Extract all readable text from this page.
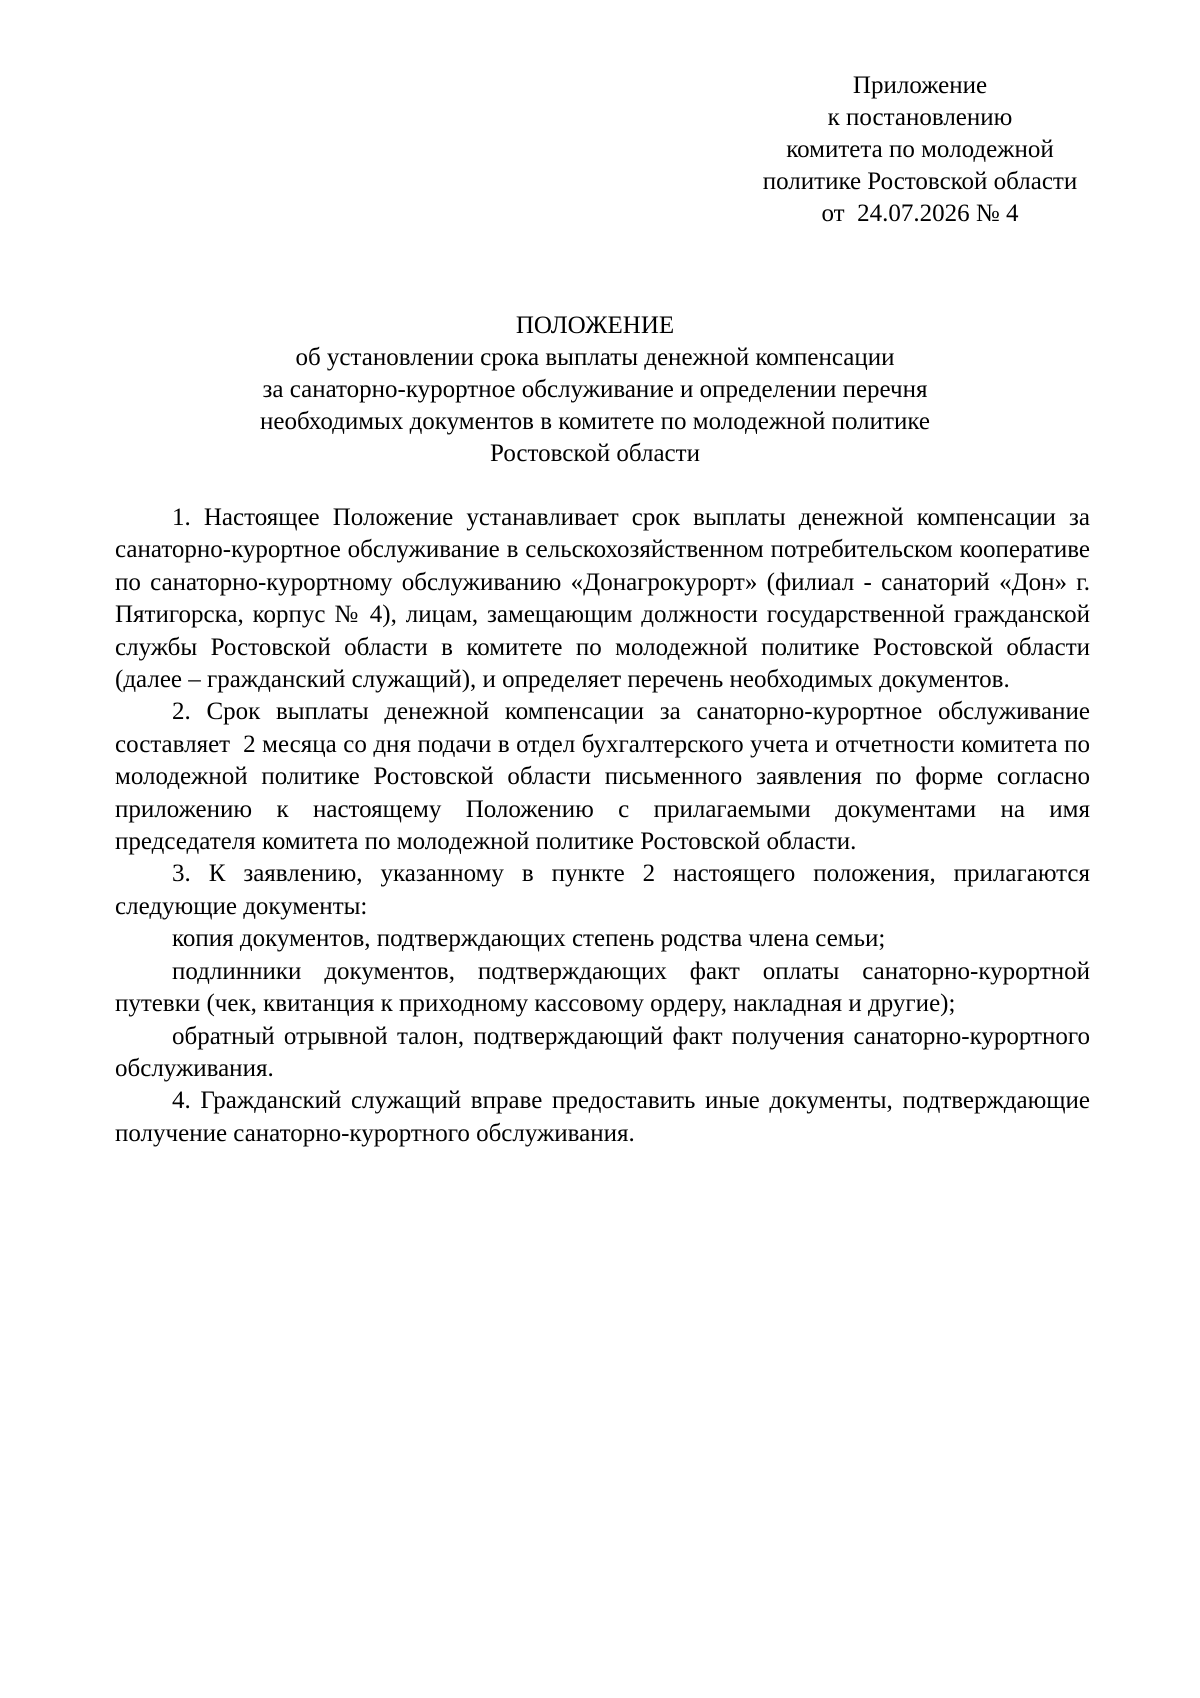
Приложение
к постановлению
комитета по молодежной
политике Ростовской области
от  24.07.2026 № 4
ПОЛОЖЕНИЕ
об установлении срока выплаты денежной компенсации
за санаторно-курортное обслуживание и определении перечня
необходимых документов в комитете по молодежной политике
Ростовской области

1. Настоящее Положение устанавливает срок выплаты денежной компенсации за санаторно-курортное обслуживание в сельскохозяйственном потребительском кооперативе по санаторно-курортному обслуживанию «Донагрокурорт» (филиал - санаторий «Дон» г. Пятигорска, корпус № 4), лицам, замещающим должности государственной гражданской службы Ростовской области в комитете по молодежной политике Ростовской области (далее – гражданский служащий), и определяет перечень необходимых документов.

2. Срок выплаты денежной компенсации за санаторно-курортное обслуживание составляет  2 месяца со дня подачи в отдел бухгалтерского учета и отчетности комитета по молодежной политике Ростовской области письменного заявления по форме согласно приложению к настоящему Положению с прилагаемыми документами на имя председателя комитета по молодежной политике Ростовской области.

3. К заявлению, указанному в пункте 2 настоящего положения, прилагаются следующие документы:

копия документов, подтверждающих степень родства члена семьи;

подлинники документов, подтверждающих факт оплаты санаторно-курортной путевки (чек, квитанция к приходному кассовому ордеру, накладная и другие);

обратный отрывной талон, подтверждающий факт получения санаторно-курортного обслуживания.

4. Гражданский служащий вправе предоставить иные документы, подтверждающие получение санаторно-курортного обслуживания.
